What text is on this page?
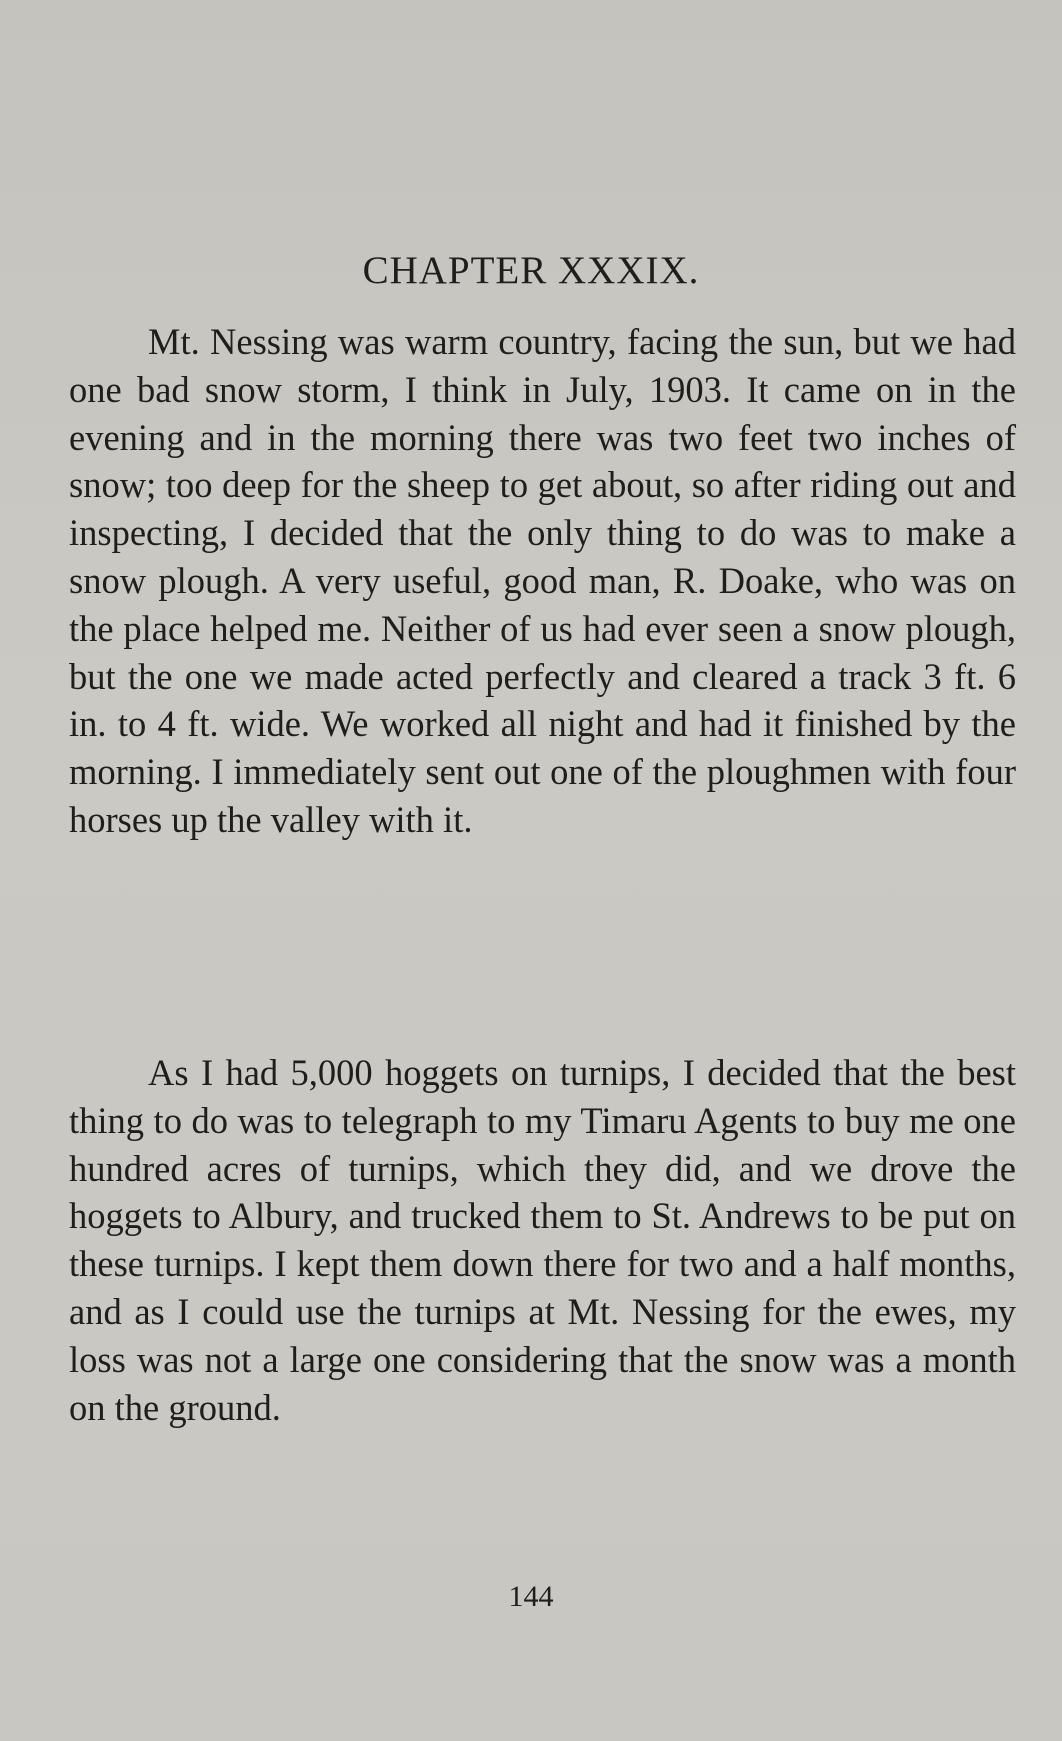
CHAPTER XXXIX.

Mt. Nessing was warm country, facing the sun, but we had one bad snow storm, I think in July, 1903. It came on in the evening and in the morning there was two feet two inches of snow; too deep for the sheep to get about, so after riding out and inspecting, I decided that the only thing to do was to make a snow plough. A very useful, good man, R. Doake, who was on the place helped me. Neither of us had ever seen a snow plough, but the one we made acted perfectly and cleared a track 3 ft. 6 in. to 4 ft. wide. We worked all night and had it finished by the morning. I immediately sent out one of the ploughmen with four horses up the valley with it.

As I had 5,000 hoggets on turnips, I decided that the best thing to do was to telegraph to my Timaru Agents to buy me one hundred acres of turnips, which they did, and we drove the hoggets to Albury, and trucked them to St. Andrews to be put on these turnips. I kept them down there for two and a half months, and as I could use the turnips at Mt. Nessing for the ewes, my loss was not a large one considering that the snow was a month on the ground.

144
